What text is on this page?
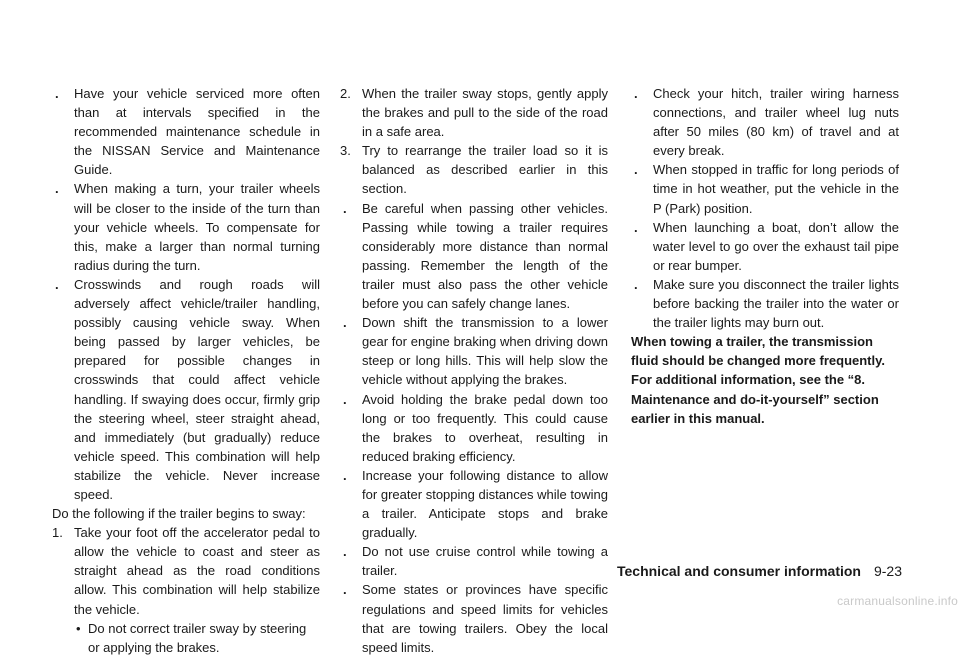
. Have your vehicle serviced more often than at intervals specified in the recommended maintenance schedule in the NISSAN Service and Maintenance Guide.
. When making a turn, your trailer wheels will be closer to the inside of the turn than your vehicle wheels. To compensate for this, make a larger than normal turning radius during the turn.
. Crosswinds and rough roads will adversely affect vehicle/trailer handling, possibly causing vehicle sway. When being passed by larger vehicles, be prepared for possible changes in crosswinds that could affect vehicle handling. If swaying does occur, firmly grip the steering wheel, steer straight ahead, and immediately (but gradually) reduce vehicle speed. This combination will help stabilize the vehicle. Never increase speed.
Do the following if the trailer begins to sway:
1. Take your foot off the accelerator pedal to allow the vehicle to coast and steer as straight ahead as the road conditions allow. This combination will help stabilize the vehicle.
• Do not correct trailer sway by steering or applying the brakes.
2. When the trailer sway stops, gently apply the brakes and pull to the side of the road in a safe area.
3. Try to rearrange the trailer load so it is balanced as described earlier in this section.
. Be careful when passing other vehicles. Passing while towing a trailer requires considerably more distance than normal passing. Remember the length of the trailer must also pass the other vehicle before you can safely change lanes.
. Down shift the transmission to a lower gear for engine braking when driving down steep or long hills. This will help slow the vehicle without applying the brakes.
. Avoid holding the brake pedal down too long or too frequently. This could cause the brakes to overheat, resulting in reduced braking efficiency.
. Increase your following distance to allow for greater stopping distances while towing a trailer. Anticipate stops and brake gradually.
. Do not use cruise control while towing a trailer.
. Some states or provinces have specific regulations and speed limits for vehicles that are towing trailers. Obey the local speed limits.
. Check your hitch, trailer wiring harness connections, and trailer wheel lug nuts after 50 miles (80 km) of travel and at every break.
. When stopped in traffic for long periods of time in hot weather, put the vehicle in the P (Park) position.
. When launching a boat, don’t allow the water level to go over the exhaust tail pipe or rear bumper.
. Make sure you disconnect the trailer lights before backing the trailer into the water or the trailer lights may burn out.
When towing a trailer, the transmission fluid should be changed more frequently. For additional information, see the “8. Maintenance and do-it-yourself” section earlier in this manual.
Technical and consumer information 9-23
carmanualsonline.info
